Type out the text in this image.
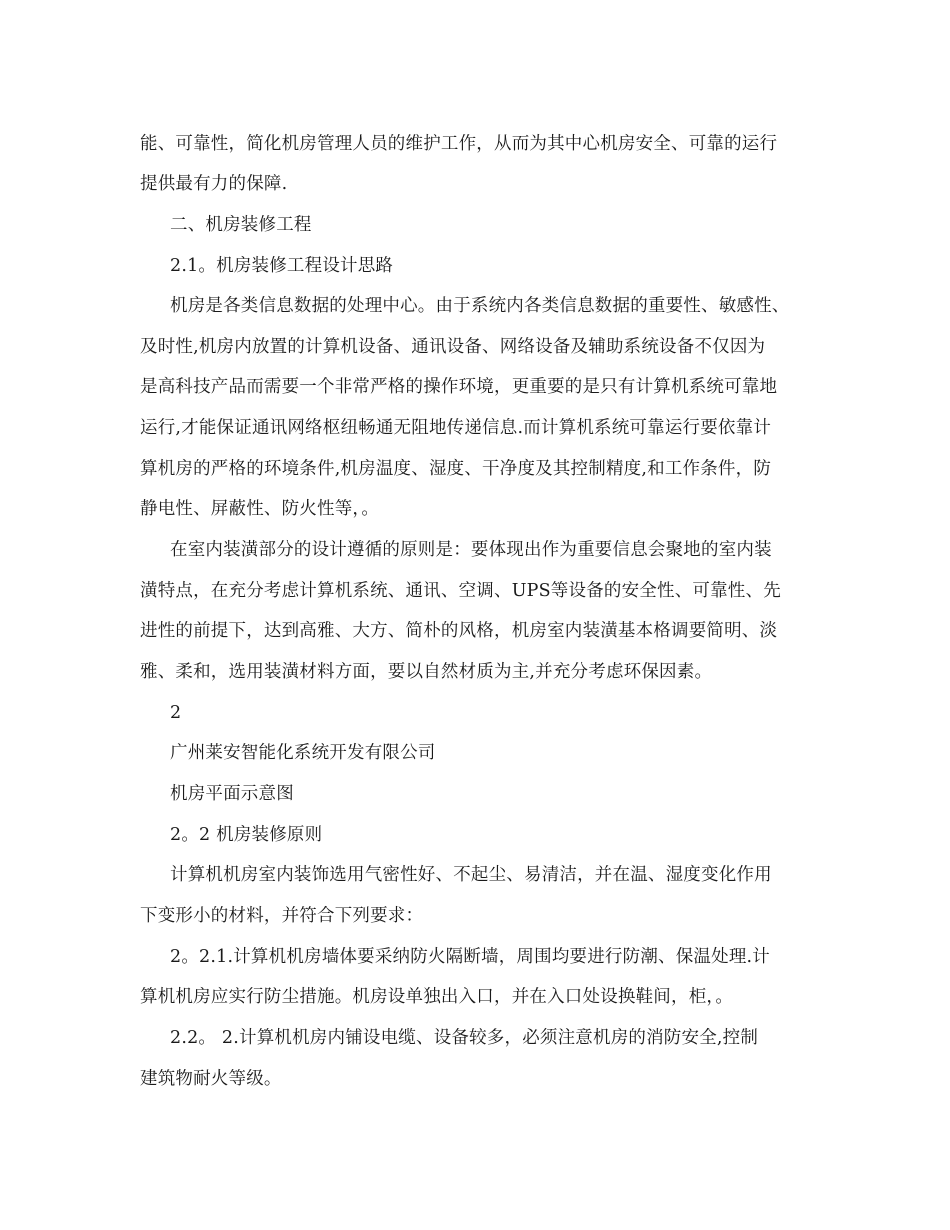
能、可靠性，简化机房管理人员的维护工作，从而为其中心机房安全、可靠的运行
提供最有力的保障.
二、机房装修工程
2.1。机房装修工程设计思路
机房是各类信息数据的处理中心。由于系统内各类信息数据的重要性、敏感性、
及时性,机房内放置的计算机设备、通讯设备、网络设备及辅助系统设备不仅因为
是高科技产品而需要一个非常严格的操作环境，更重要的是只有计算机系统可靠地
运行,才能保证通讯网络枢纽畅通无阻地传递信息.而计算机系统可靠运行要依靠计
算机房的严格的环境条件,机房温度、湿度、干净度及其控制精度,和工作条件，防
静电性、屏蔽性、防火性等，。
在室内装潢部分的设计遵循的原则是：要体现出作为重要信息会聚地的室内装
潢特点，在充分考虑计算机系统、通讯、空调、UPS等设备的安全性、可靠性、先
进性的前提下，达到高雅、大方、简朴的风格，机房室内装潢基本格调要简明、淡
雅、柔和，选用装潢材料方面，要以自然材质为主,并充分考虑环保因素。
2
广州莱安智能化系统开发有限公司
机房平面示意图
2。2 机房装修原则
计算机机房室内装饰选用气密性好、不起尘、易清洁，并在温、湿度变化作用
下变形小的材料，并符合下列要求：
2。2.1.计算机机房墙体要采纳防火隔断墙，周围均要进行防潮、保温处理.计
算机机房应实行防尘措施。机房设单独出入口，并在入口处设换鞋间，柜，。
2.2。 2.计算机机房内铺设电缆、设备较多，必须注意机房的消防安全,控制
建筑物耐火等级。
